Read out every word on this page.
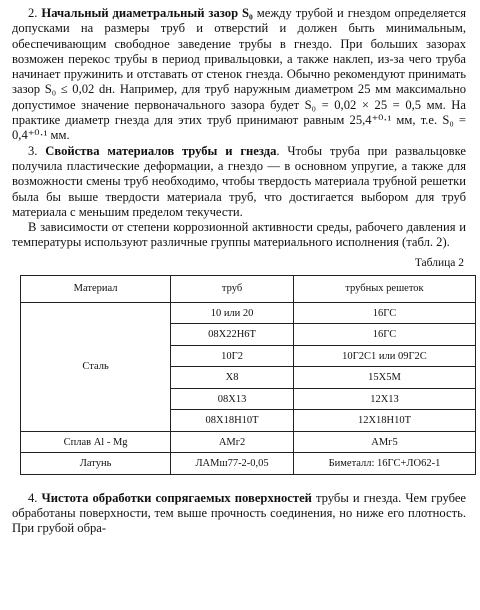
2. Начальный диаметральный зазор S₀ между трубой и гнездом определяется допусками на размеры труб и отверстий и должен быть минимальным, обеспечивающим свободное заведение трубы в гнездо. При больших зазорах возможен перекос трубы в период привальцовки, а также наклеп, из-за чего труба начинает пружинить и отставать от стенок гнезда. Обычно рекомендуют принимать зазор S₀ ≤ 0,02 dн. Например, для труб наружным диаметром 25 мм максимально допустимое значение первоначального зазора будет S₀ = 0,02 × 25 = 0,5 мм. На практике диаметр гнезда для этих труб принимают равным 25,4⁺⁰·¹ мм, т.е. S₀ = 0,4⁺⁰·¹ мм.

3. Свойства материалов трубы и гнезда. Чтобы труба при развальцовке получила пластические деформации, а гнездо — в основном упругие, а также для возможности смены труб необходимо, чтобы твердость материала трубной решетки была бы выше твердости материала труб, что достигается выбором для труб материала с меньшим пределом текучести.

В зависимости от степени коррозионной активности среды, рабочего давления и температуры используют различные группы материального исполнения (табл. 2).

Таблица 2
Материал	труб	трубных решеток
Сталь	10 или 20	16ГС
	08Х22Н6Т	16ГС
	10Г2	10Г2С1 или 09Г2С
	Х8	15Х5М
	08Х13	12Х13
	08Х18Н10Т	12Х18Н10Т
Сплав Al - Mg	АМг2	АМг5
Латунь	ЛАМш77-2-0,05	Биметалл: 16ГС+ЛО62-1

4. Чистота обработки сопрягаемых поверхностей трубы и гнезда. Чем грубее обработаны поверхности, тем выше прочность соединения, но ниже его плотность. При грубой обра-
